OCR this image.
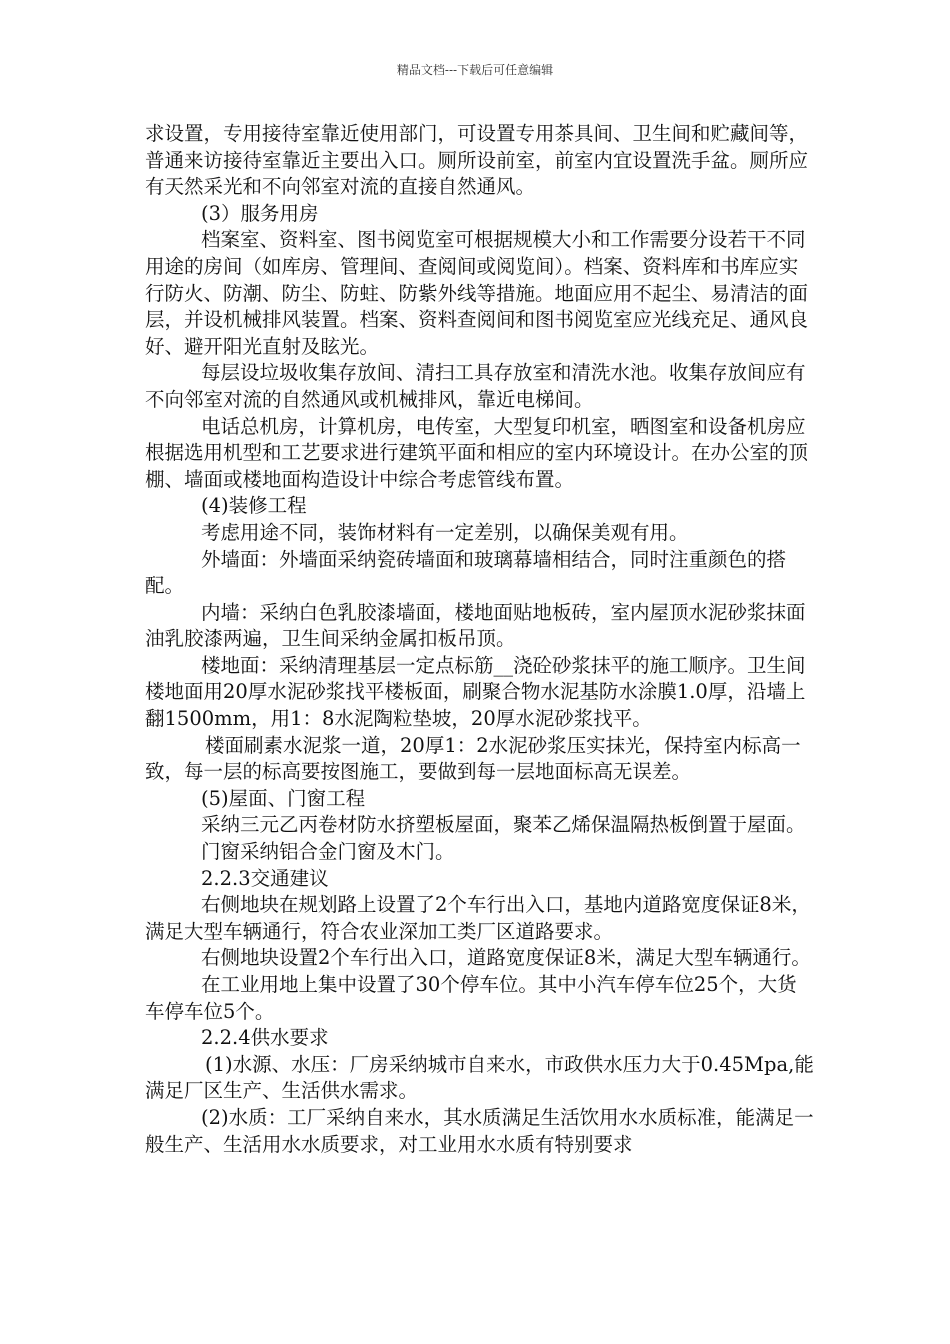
精品文档---下载后可任意编辑

求设置，专用接待室靠近使用部门，可设置专用茶具间、卫生间和贮藏间等，普通来访接待室靠近主要出入口。厕所设前室，前室内宜设置洗手盆。厕所应有天然采光和不向邻室对流的直接自然通风。

(3）服务用房

档案室、资料室、图书阅览室可根据规模大小和工作需要分设若干不同用途的房间（如库房、管理间、查阅间或阅览间）。档案、资料库和书库应实行防火、防潮、防尘、防蛀、防紫外线等措施。地面应用不起尘、易清洁的面层，并设机械排风装置。档案、资料查阅间和图书阅览室应光线充足、通风良好、避开阳光直射及眩光。

每层设垃圾收集存放间、清扫工具存放室和清洗水池。收集存放间应有不向邻室对流的自然通风或机械排风，靠近电梯间。

电话总机房，计算机房，电传室，大型复印机室，晒图室和设备机房应根据选用机型和工艺要求进行建筑平面和相应的室内环境设计。在办公室的顶棚、墙面或楼地面构造设计中综合考虑管线布置。

(4)装修工程

考虑用途不同，装饰材料有一定差别，以确保美观有用。

外墙面：外墙面采纳瓷砖墙面和玻璃幕墙相结合，同时注重颜色的搭配。

内墙：采纳白色乳胶漆墙面，楼地面贴地板砖，室内屋顶水泥砂浆抹面油乳胶漆两遍，卫生间采纳金属扣板吊顶。

楼地面：采纳清理基层一定点标筋__浇砼砂浆抹平的施工顺序。卫生间楼地面用20厚水泥砂浆找平楼板面，刷聚合物水泥基防水涂膜1.0厚，沿墙上翻1500mm，用1：8水泥陶粒垫坡，20厚水泥砂浆找平。

楼面刷素水泥浆一道，20厚1：2水泥砂浆压实抹光，保持室内标高一致，每一层的标高要按图施工，要做到每一层地面标高无误差。

(5)屋面、门窗工程

采纳三元乙丙卷材防水挤塑板屋面，聚苯乙烯保温隔热板倒置于屋面。

门窗采纳铝合金门窗及木门。

2.2.3交通建议

右侧地块在规划路上设置了2个车行出入口，基地内道路宽度保证8米，满足大型车辆通行，符合农业深加工类厂区道路要求。

右侧地块设置2个车行出入口，道路宽度保证8米，满足大型车辆通行。

在工业用地上集中设置了30个停车位。其中小汽车停车位25个，大货车停车位5个。

2.2.4供水要求

(1)水源、水压：厂房采纳城市自来水，市政供水压力大于0.45Mpa,能满足厂区生产、生活供水需求。

(2)水质：工厂采纳自来水，其水质满足生活饮用水水质标准，能满足一般生产、生活用水水质要求，对工业用水水质有特别要求
